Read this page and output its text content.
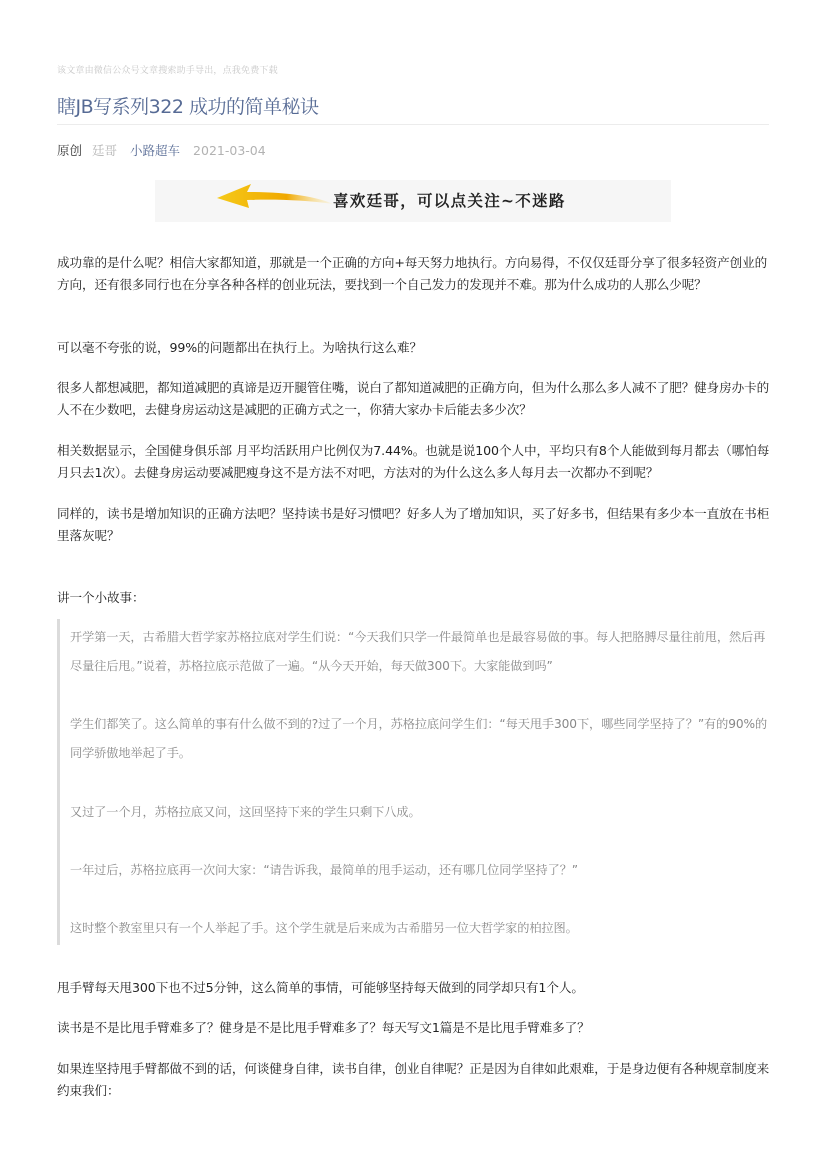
该文章由微信公众号文章搜索助手导出，点我免费下载
瞎JB写系列322 成功的简单秘诀
原创 廷哥 小路超车 2021-03-04
喜欢廷哥，可以点关注~不迷路

成功靠的是什么呢？相信大家都知道，那就是一个正确的方向+每天努力地执行。方向易得，不仅仅廷哥分享了很多轻资产创业的方向，还有很多同行也在分享各种各样的创业玩法，要找到一个自己发力的发现并不难。那为什么成功的人那么少呢？

可以毫不夸张的说，99%的问题都出在执行上。为啥执行这么难？

很多人都想减肥，都知道减肥的真谛是迈开腿管住嘴，说白了都知道减肥的正确方向，但为什么那么多人减不了肥？健身房办卡的人不在少数吧，去健身房运动这是减肥的正确方式之一，你猜大家办卡后能去多少次？

相关数据显示，全国健身俱乐部 月平均活跃用户比例仅为7.44%。也就是说100个人中，平均只有8个人能做到每月都去（哪怕每月只去1次）。去健身房运动要减肥瘦身这不是方法不对吧，方法对的为什么这么多人每月去一次都办不到呢？

同样的，读书是增加知识的正确方法吧？坚持读书是好习惯吧？好多人为了增加知识，买了好多书，但结果有多少本一直放在书柜里落灰呢？

讲一个小故事：

开学第一天，古希腊大哲学家苏格拉底对学生们说：“今天我们只学一件最简单也是最容易做的事。每人把胳膊尽量往前甩，然后再尽量往后甩。”说着，苏格拉底示范做了一遍。“从今天开始，每天做300下。大家能做到吗”

学生们都笑了。这么简单的事有什么做不到的?过了一个月，苏格拉底问学生们：“每天甩手300下，哪些同学坚持了？”有的90%的同学骄傲地举起了手。

又过了一个月，苏格拉底又问，这回坚持下来的学生只剩下八成。

一年过后，苏格拉底再一次问大家：“请告诉我，最简单的甩手运动，还有哪几位同学坚持了？”

这时整个教室里只有一个人举起了手。这个学生就是后来成为古希腊另一位大哲学家的柏拉图。

甩手臂每天甩300下也不过5分钟，这么简单的事情，可能够坚持每天做到的同学却只有1个人。

读书是不是比甩手臂难多了？健身是不是比甩手臂难多了？每天写文1篇是不是比甩手臂难多了？

如果连坚持甩手臂都做不到的话，何谈健身自律，读书自律，创业自律呢？正是因为自律如此艰难，于是身边便有各种规章制度来约束我们：
